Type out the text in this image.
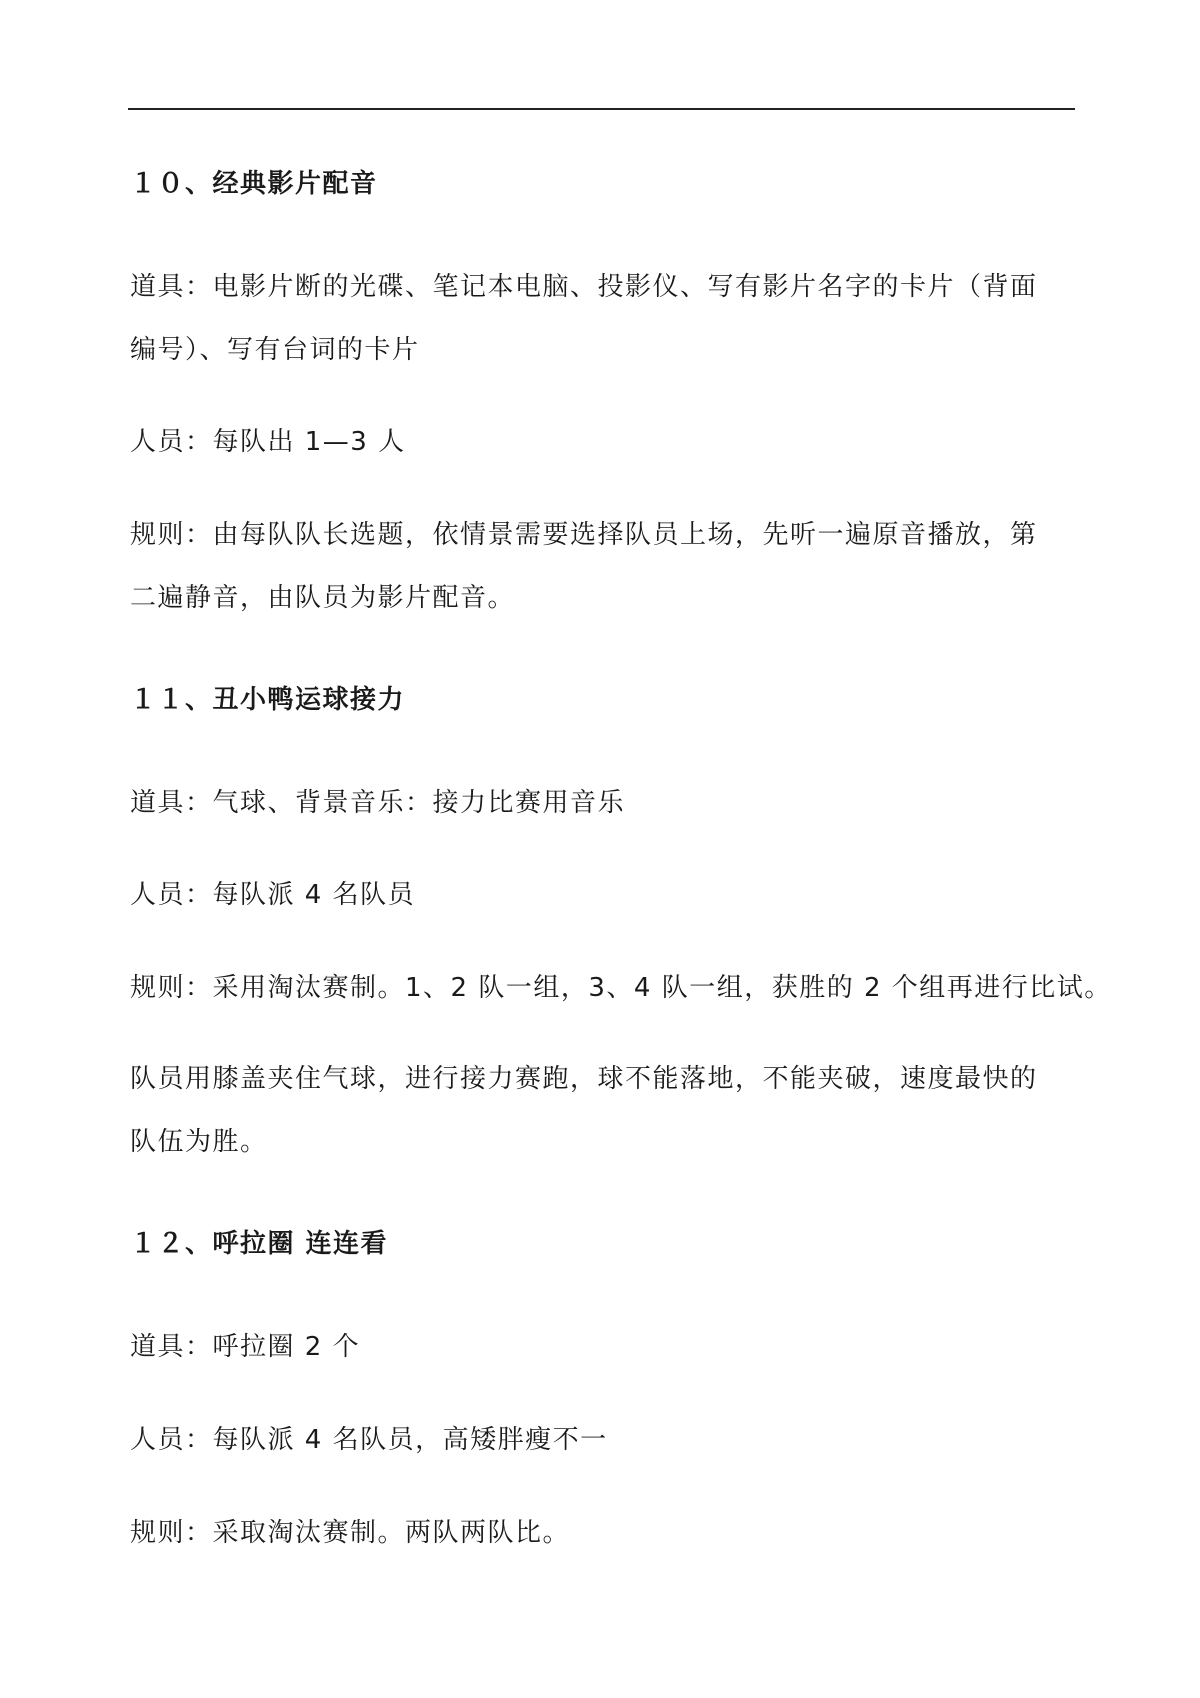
１０、经典影片配音
道具：电影片断的光碟、笔记本电脑、投影仪、写有影片名字的卡片（背面
编号）、写有台词的卡片
人员：每队出 1—3 人
规则：由每队队长选题，依情景需要选择队员上场，先听一遍原音播放，第
二遍静音，由队员为影片配音。
１１、丑小鸭运球接力
道具：气球、背景音乐：接力比赛用音乐
人员：每队派 4 名队员
规则：采用淘汰赛制。1、2 队一组，3、4 队一组，获胜的 2 个组再进行比试。
队员用膝盖夹住气球，进行接力赛跑，球不能落地，不能夹破，速度最快的
队伍为胜。
１２、呼拉圈 连连看
道具：呼拉圈 2 个
人员：每队派 4 名队员，高矮胖瘦不一
规则：采取淘汰赛制。两队两队比。
